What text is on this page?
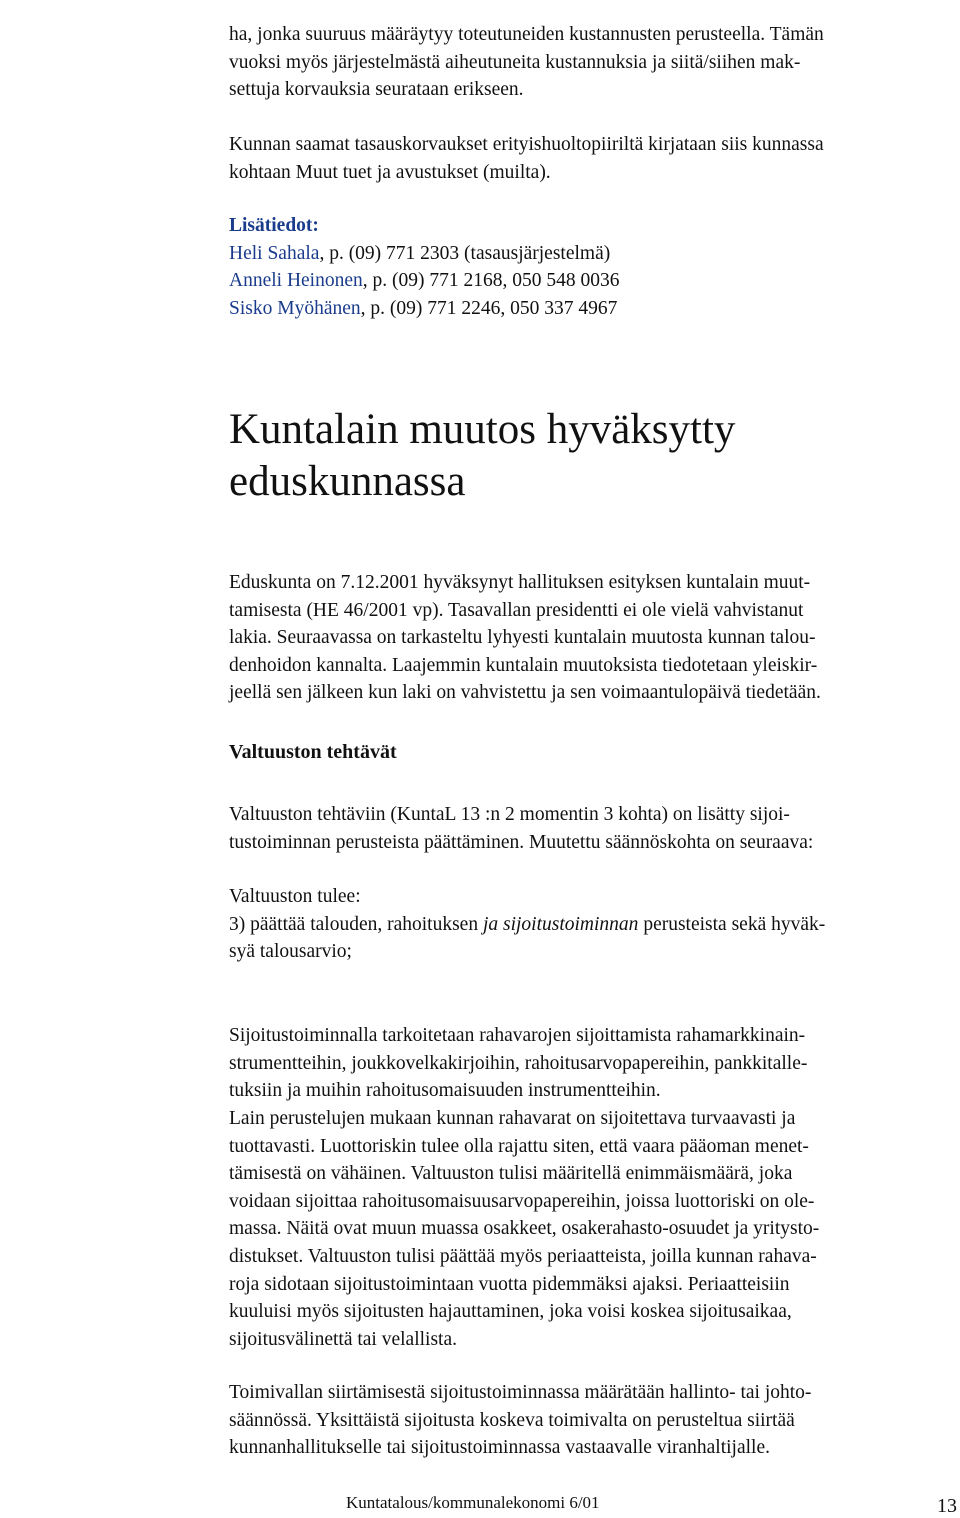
ha, jonka suuruus määräytyy toteutuneiden kustannusten perusteella. Tämän

vuoksi myös järjestelmästä aiheutuneita kustannuksia ja siitä/siihen mak-

settuja korvauksia seurataan erikseen.

Kunnan saamat tasauskorvaukset erityishuoltopiiriltä kirjataan siis kunnassa

kohtaan Muut tuet ja avustukset (muilta).

Lisätiedot:

Heli Sahala, p. (09) 771 2303 (tasausjärjestelmä)

Anneli Heinonen, p. (09) 771 2168, 050 548 0036

Sisko Myöhänen, p. (09) 771 2246, 050 337 4967

Kuntalain muutos hyväksytty
eduskunnassa

Eduskunta on 7.12.2001 hyväksynyt hallituksen esityksen kuntalain muut-

tamisesta (HE 46/2001 vp). Tasavallan presidentti ei ole vielä vahvistanut

lakia. Seuraavassa on tarkasteltu lyhyesti kuntalain muutosta kunnan talou-

denhoidon kannalta. Laajemmin kuntalain muutoksista tiedotetaan yleiskir-

jeellä sen jälkeen kun laki on vahvistettu ja sen voimaantulopäivä tiedetään.

Valtuuston tehtävät

Valtuuston tehtäviin (KuntaL 13 :n 2 momentin 3 kohta) on lisätty sijoi-

tustoiminnan perusteista päättäminen. Muutettu säännöskohta on seuraava:

Valtuuston tulee:

3) päättää talouden, rahoituksen ja sijoitustoiminnan perusteista sekä hyväk-

syä talousarvio;

Sijoitustoiminnalla tarkoitetaan rahavarojen sijoittamista rahamarkkinain-

strumentteihin, joukkovelkakirjoihin, rahoitusarvopapereihin, pankkitalle-

tuksiin ja muihin rahoitusomaisuuden instrumentteihin.

Lain perustelujen mukaan kunnan rahavarat on sijoitettava turvaavasti ja

tuottavasti. Luottoriskin tulee olla rajattu siten, että vaara pääoman menet-

tämisestä on vähäinen. Valtuuston tulisi määritellä enimmäismäärä, joka

voidaan sijoittaa rahoitusomaisuusarvopapereihin, joissa luottoriski on ole-

massa. Näitä ovat muun muassa osakkeet, osakerahasto-osuudet ja yritysto-

distukset. Valtuuston tulisi päättää myös periaatteista, joilla kunnan rahava-

roja sidotaan sijoitustoimintaan vuotta pidemmäksi ajaksi. Periaatteisiin

kuuluisi myös sijoitusten hajauttaminen, joka voisi koskea sijoitusaikaa,

sijoitusvälinettä tai velallista.

Toimivallan siirtämisestä sijoitustoiminnassa määrätään hallinto- tai johto-

säännössä. Yksittäistä sijoitusta koskeva toimivalta on perusteltua siirtää

kunnanhallitukselle tai sijoitustoiminnassa vastaavalle viranhaltijalle.

Kuntatalous/kommunalekonomi 6/01	13
